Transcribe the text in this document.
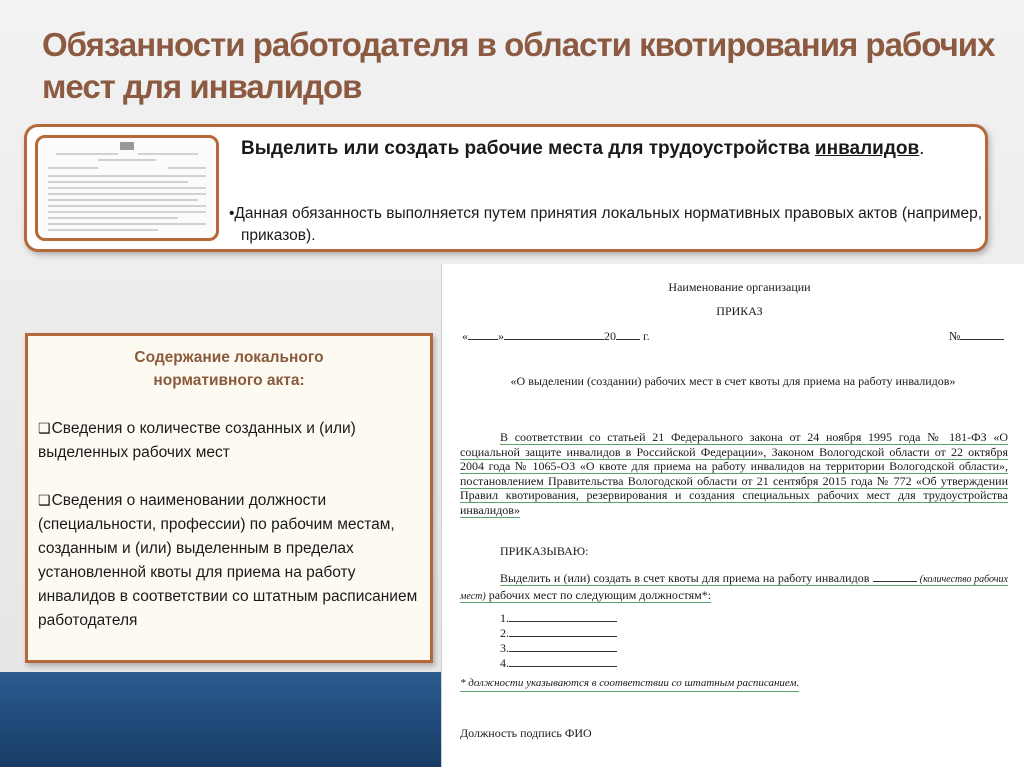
Обязанности работодателя в области квотирования рабочих мест для инвалидов
Выделить или создать рабочие места для трудоустройства инвалидов.
•Данная обязанность выполняется путем принятия локальных нормативных правовых актов (например, приказов).
Содержание локального
нормативного акта:
❑Сведения о количестве созданных и (или) выделенных рабочих мест
❑Сведения о наименовании должности (специальности, профессии) по рабочим местам, созданным и (или) выделенным в пределах установленной квоты для приема на работу инвалидов в соответствии со штатным расписанием работодателя
Наименование организации
ПРИКАЗ
«	»	20 г.	№
«О выделении (создании) рабочих мест в счет квоты для приема на работу инвалидов»
В соответствии со статьей 21 Федерального закона от 24 ноября 1995 года № 181-ФЗ «О социальной защите инвалидов в Российской Федерации», Законом Вологодской области от 22 октября 2004 года № 1065-ОЗ «О квоте для приема на работу инвалидов на территории Вологодской области», постановлением Правительства Вологодской области от 21 сентября 2015 года № 772 «Об утверждении Правил квотирования, резервирования и создания специальных рабочих мест для трудоустройства инвалидов»
ПРИКАЗЫВАЮ:
Выделить и (или) создать в счет квоты для приема на работу инвалидов	(количество рабочих мест) рабочих мест по следующим должностям*:
1.
2.
3.
4.
* должности указываются в соответствии со штатным расписанием.
Должность подпись ФИО
